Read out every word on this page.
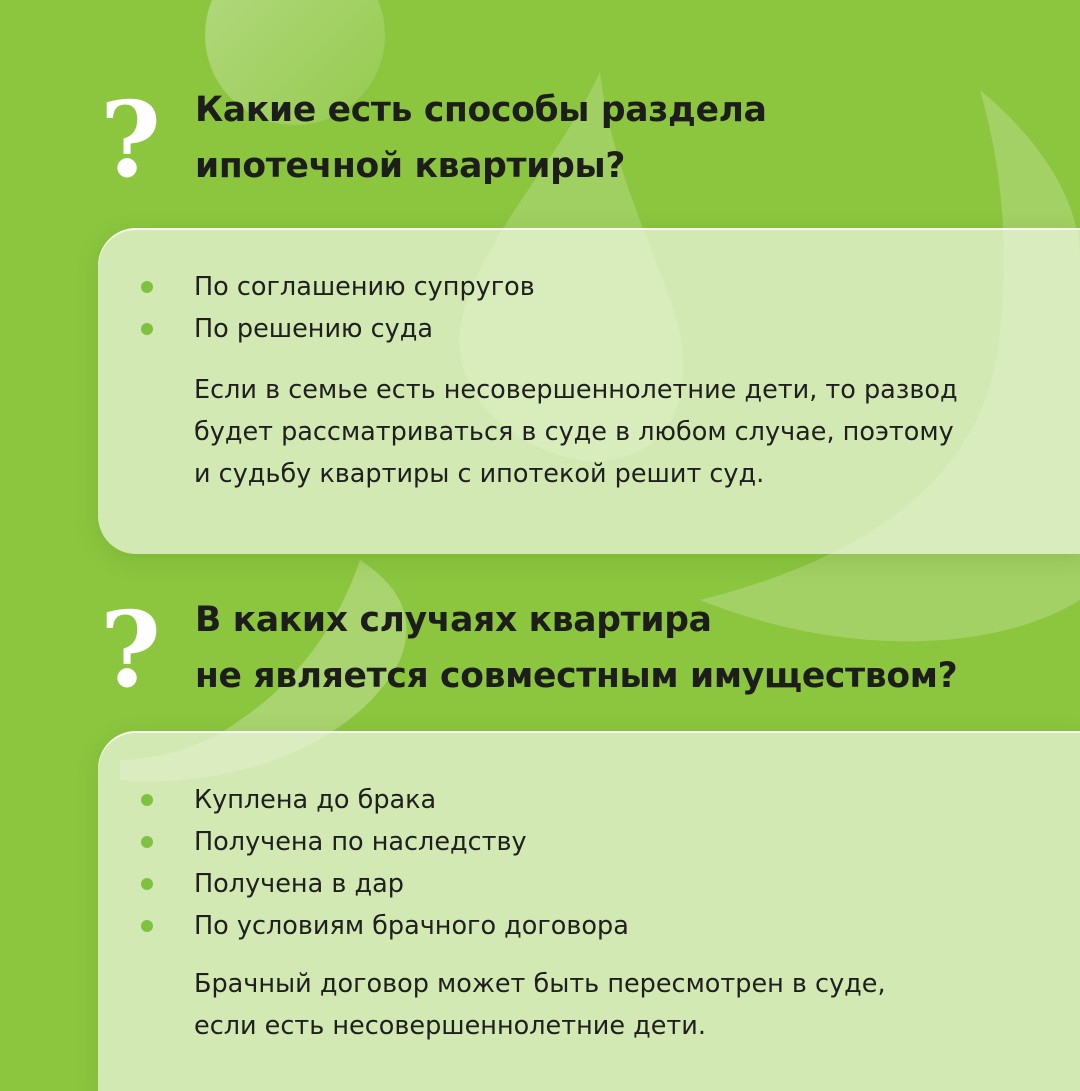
? Какие есть способы раздела
ипотечной квартиры?
По соглашению супругов
По решению суда

Если в семье есть несовершеннолетние дети, то развод
будет рассматриваться в суде в любом случае, поэтому
и судьбу квартиры с ипотекой решит суд.

? В каких случаях квартира
не является совместным имуществом?
Куплена до брака
Получена по наследству
Получена в дар
По условиям брачного договора

Брачный договор может быть пересмотрен в суде,
если есть несовершеннолетние дети.
